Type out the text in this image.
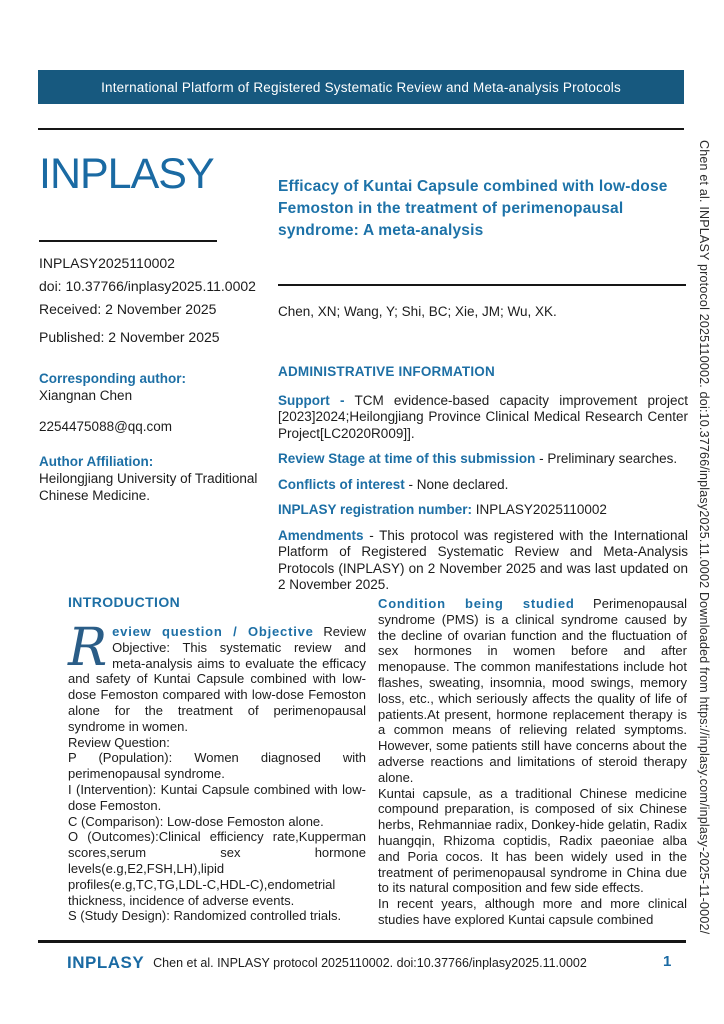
International Platform of Registered Systematic Review and Meta-analysis Protocols
INPLASY
INPLASY2025110002
doi: 10.37766/inplasy2025.11.0002
Received: 2 November 2025
Published: 2 November 2025
Corresponding author:
Xiangnan Chen
2254475088@qq.com
Author Affiliation:
Heilongjiang University of Traditional Chinese Medicine.
Efficacy of Kuntai Capsule combined with low-dose Femoston in the treatment of perimenopausal syndrome: A meta-analysis
Chen, XN; Wang, Y; Shi, BC; Xie, JM; Wu, XK.
ADMINISTRATIVE INFORMATION

Support - TCM evidence-based capacity improvement project [2023]2024;Heilongjiang Province Clinical Medical Research Center Project[LC2020R009]].

Review Stage at time of this submission - Preliminary searches.

Conflicts of interest - None declared.

INPLASY registration number: INPLASY2025110002

Amendments - This protocol was registered with the International Platform of Registered Systematic Review and Meta-Analysis Protocols (INPLASY) on 2 November 2025 and was last updated on 2 November 2025.

INTRODUCTION
Review question / Objective Review Objective: This systematic review and meta-analysis aims to evaluate the efficacy and safety of Kuntai Capsule combined with low-dose Femoston compared with low-dose Femoston alone for the treatment of perimenopausal syndrome in women.
Review Question:
P (Population): Women diagnosed with perimenopausal syndrome.
I (Intervention): Kuntai Capsule combined with low-dose Femoston.
C (Comparison): Low-dose Femoston alone.
O (Outcomes):Clinical efficiency rate,Kupperman scores,serum sex hormone levels(e.g,E2,FSH,LH),lipid profiles(e.g,TC,TG,LDL-C,HDL-C),endometrial thickness, incidence of adverse events.
S (Study Design): Randomized controlled trials.
Condition being studied Perimenopausal syndrome (PMS) is a clinical syndrome caused by the decline of ovarian function and the fluctuation of sex hormones in women before and after menopause. The common manifestations include hot flashes, sweating, insomnia, mood swings, memory loss, etc., which seriously affects the quality of life of patients.At present, hormone replacement therapy is a common means of relieving related symptoms. However, some patients still have concerns about the adverse reactions and limitations of steroid therapy alone.
Kuntai capsule, as a traditional Chinese medicine compound preparation, is composed of six Chinese herbs, Rehmanniae radix, Donkey-hide gelatin, Radix huangqin, Rhizoma coptidis, Radix paeoniae alba and Poria cocos. It has been widely used in the treatment of perimenopausal syndrome in China due to its natural composition and few side effects.
In recent years, although more and more clinical studies have explored Kuntai capsule combined
INPLASY Chen et al. INPLASY protocol 2025110002. doi:10.37766/inplasy2025.11.0002	1
Chen et al. INPLASY protocol 2025110002. doi:10.37766/inplasy2025.11.0002 Downloaded from https://inplasy.com/inplasy-2025-11-0002/
